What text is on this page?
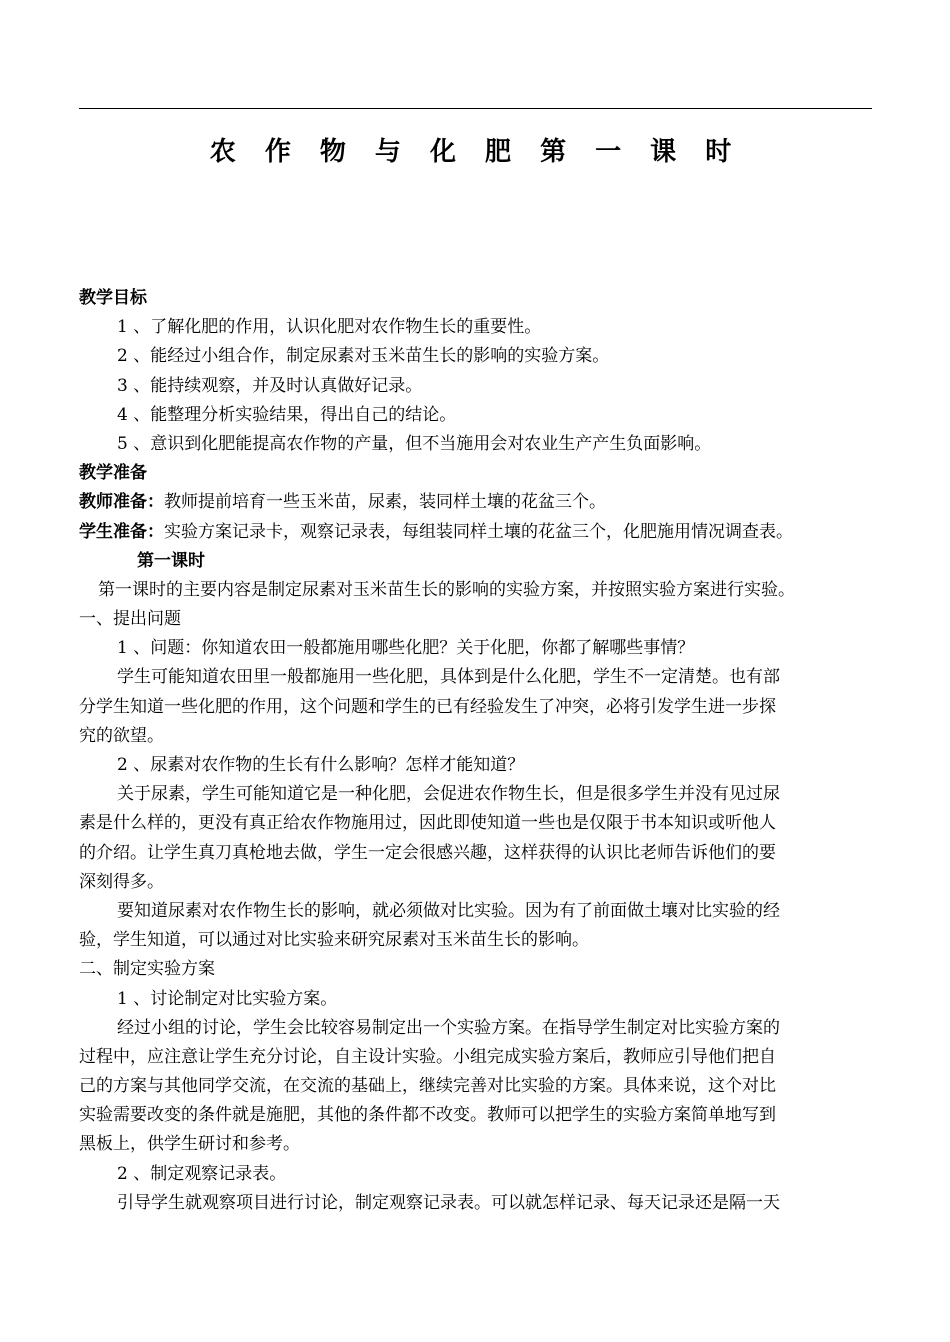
农 作 物 与 化 肥 第 一 课 时
教学目标
1 、了解化肥的作用，认识化肥对农作物生长的重要性。
2 、能经过小组合作，制定尿素对玉米苗生长的影响的实验方案。
3 、能持续观察，并及时认真做好记录。
4 、能整理分析实验结果，得出自己的结论。
5 、意识到化肥能提高农作物的产量，但不当施用会对农业生产产生负面影响。
教学准备
教师准备：教师提前培育一些玉米苗，尿素，装同样土壤的花盆三个。
学生准备：实验方案记录卡，观察记录表，每组装同样土壤的花盆三个，化肥施用情况调查表。
第一课时
第一课时的主要内容是制定尿素对玉米苗生长的影响的实验方案，并按照实验方案进行实验。
一、提出问题
1 、问题：你知道农田一般都施用哪些化肥？关于化肥，你都了解哪些事情？
学生可能知道农田里一般都施用一些化肥，具体到是什么化肥，学生不一定清楚。也有部
分学生知道一些化肥的作用，这个问题和学生的已有经验发生了冲突，必将引发学生进一步探
究的欲望。
2 、尿素对农作物的生长有什么影响？怎样才能知道？
关于尿素，学生可能知道它是一种化肥，会促进农作物生长，但是很多学生并没有见过尿
素是什么样的，更没有真正给农作物施用过，因此即使知道一些也是仅限于书本知识或听他人
的介绍。让学生真刀真枪地去做，学生一定会很感兴趣，这样获得的认识比老师告诉他们的要
深刻得多。
要知道尿素对农作物生长的影响，就必须做对比实验。因为有了前面做土壤对比实验的经
验，学生知道，可以通过对比实验来研究尿素对玉米苗生长的影响。
二、制定实验方案
1 、讨论制定对比实验方案。
经过小组的讨论，学生会比较容易制定出一个实验方案。在指导学生制定对比实验方案的
过程中，应注意让学生充分讨论，自主设计实验。小组完成实验方案后，教师应引导他们把自
己的方案与其他同学交流，在交流的基础上，继续完善对比实验的方案。具体来说，这个对比
实验需要改变的条件就是施肥，其他的条件都不改变。教师可以把学生的实验方案简单地写到
黑板上，供学生研讨和参考。
2 、制定观察记录表。
引导学生就观察项目进行讨论，制定观察记录表。可以就怎样记录、每天记录还是隔一天
